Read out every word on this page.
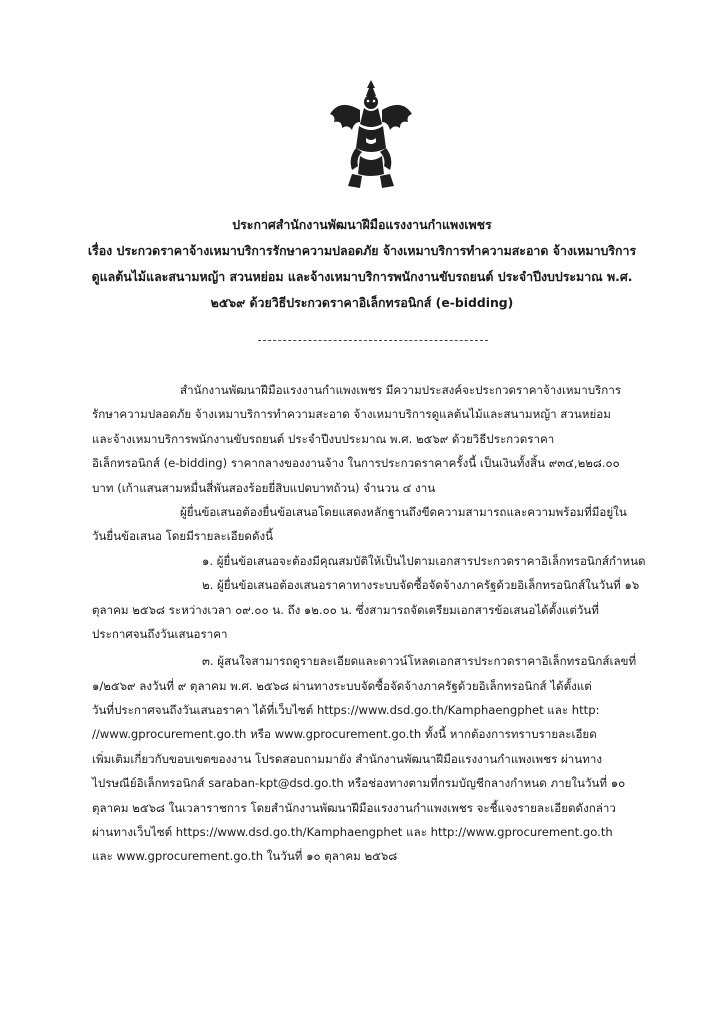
ประกาศสำนักงานพัฒนาฝีมือแรงงานกำแพงเพชร
เรื่อง ประกวดราคาจ้างเหมาบริการรักษาความปลอดภัย จ้างเหมาบริการทำความสะอาด จ้างเหมาบริการ
ดูแลต้นไม้และสนามหญ้า สวนหย่อม และจ้างเหมาบริการพนักงานขับรถยนต์ ประจำปีงบประมาณ พ.ศ.
๒๕๖๙ ด้วยวิธีประกวดราคาอิเล็กทรอนิกส์ (e-bidding)
สำนักงานพัฒนาฝีมือแรงงานกำแพงเพชร มีความประสงค์จะประกวดราคาจ้างเหมาบริการ
รักษาความปลอดภัย จ้างเหมาบริการทำความสะอาด จ้างเหมาบริการดูแลต้นไม้และสนามหญ้า สวนหย่อม
และจ้างเหมาบริการพนักงานขับรถยนต์ ประจำปีงบประมาณ พ.ศ. ๒๕๖๙ ด้วยวิธีประกวดราคา
อิเล็กทรอนิกส์ (e-bidding) ราคากลางของงานจ้าง ในการประกวดราคาครั้งนี้ เป็นเงินทั้งสิ้น ๙๓๔,๒๒๘.๐๐
บาท (เก้าแสนสามหมื่นสี่พันสองร้อยยี่สิบแปดบาทถ้วน) จำนวน ๔ งาน
ผู้ยื่นข้อเสนอต้องยื่นข้อเสนอโดยแสดงหลักฐานถึงขีดความสามารถและความพร้อมที่มีอยู่ใน
วันยื่นข้อเสนอ โดยมีรายละเอียดดังนี้
๑. ผู้ยื่นข้อเสนอจะต้องมีคุณสมบัติให้เป็นไปตามเอกสารประกวดราคาอิเล็กทรอนิกส์กำหนด
๒. ผู้ยื่นข้อเสนอต้องเสนอราคาทางระบบจัดซื้อจัดจ้างภาครัฐด้วยอิเล็กทรอนิกส์ในวันที่ ๑๖
ตุลาคม ๒๕๖๘ ระหว่างเวลา ๐๙.๐๐ น. ถึง ๑๒.๐๐ น. ซึ่งสามารถจัดเตรียมเอกสารข้อเสนอได้ตั้งแต่วันที่
ประกาศจนถึงวันเสนอราคา
๓. ผู้สนใจสามารถดูรายละเอียดและดาวน์โหลดเอกสารประกวดราคาอิเล็กทรอนิกส์เลขที่
๑/๒๕๖๙ ลงวันที่ ๙ ตุลาคม พ.ศ. ๒๕๖๘ ผ่านทางระบบจัดซื้อจัดจ้างภาครัฐด้วยอิเล็กทรอนิกส์ ได้ตั้งแต่
วันที่ประกาศจนถึงวันเสนอราคา ได้ที่เว็บไซต์ https://www.dsd.go.th/Kamphaengphet และ http:
//www.gprocurement.go.th หรือ www.gprocurement.go.th ทั้งนี้ หากต้องการทราบรายละเอียด
เพิ่มเติมเกี่ยวกับขอบเขตของงาน โปรดสอบถามมายัง สำนักงานพัฒนาฝีมือแรงงานกำแพงเพชร ผ่านทาง
ไปรษณีย์อิเล็กทรอนิกส์ saraban-kpt@dsd.go.th หรือช่องทางตามที่กรมบัญชีกลางกำหนด ภายในวันที่ ๑๐
ตุลาคม ๒๕๖๘ ในเวลาราชการ โดยสำนักงานพัฒนาฝีมือแรงงานกำแพงเพชร จะชี้แจงรายละเอียดดังกล่าว
ผ่านทางเว็บไซต์ https://www.dsd.go.th/Kamphaengphet และ http://www.gprocurement.go.th
และ www.gprocurement.go.th ในวันที่ ๑๐ ตุลาคม ๒๕๖๘
